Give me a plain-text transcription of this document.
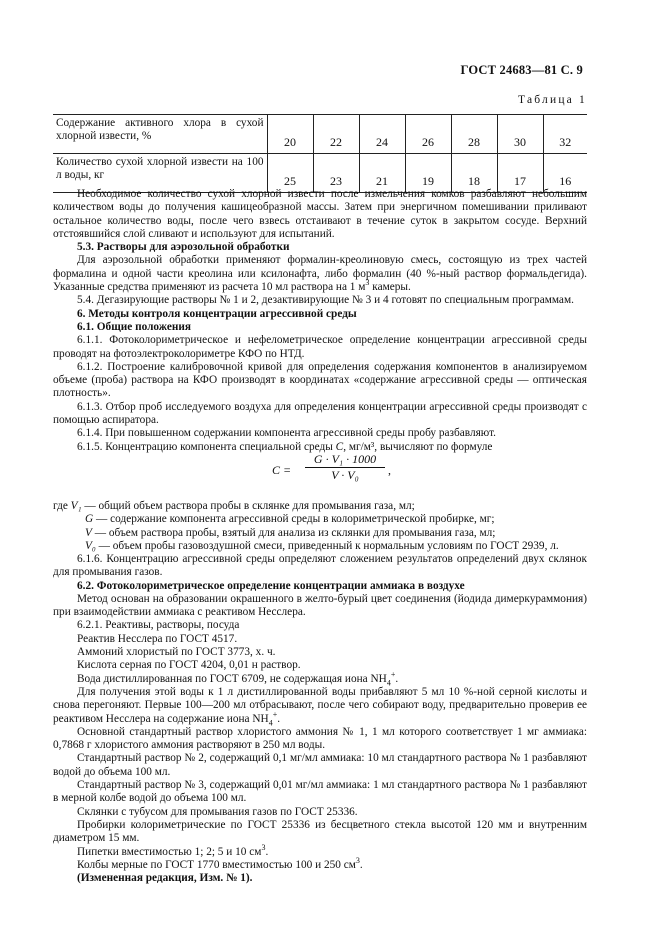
ГОСТ 24683—81 С. 9
Таблица 1
Содержание активного хлора в сухой хлорной извести, %	20	22	24	26	28	30	32
Количество сухой хлорной извести на 100 л воды, кг	25	23	21	19	18	17	16

Необходимое количество сухой хлорной извести после измельчения комков разбавляют небольшим количеством воды до получения кашицеобразной массы. Затем при энергичном помешивании приливают остальное количество воды, после чего взвесь отстаивают в течение суток в закрытом сосуде. Верхний отстоявшийся слой сливают и используют для испытаний.

5.3. Растворы для аэрозольной обработки

Для аэрозольной обработки применяют формалин-креолиновую смесь, состоящую из трех частей формалина и одной части креолина или ксилонафта, либо формалин (40 %-ный раствор формальдегида). Указанные средства применяют из расчета 10 мл раствора на 1 $м^3$ камеры.

5.4. Дегазирующие растворы № 1 и 2, дезактивирующие № 3 и 4 готовят по специальным программам.

6. Методы контроля концентрации агрессивной среды

6.1. Общие положения

6.1.1. Фотоколориметрическое и нефелометрическое определение концентрации агрессивной среды проводят на фотоэлектроколориметре КФО по НТД.

6.1.2. Построение калибровочной кривой для определения содержания компонентов в анализируемом объеме (проба) раствора на КФО производят в координатах «содержание агрессивной среды — оптическая плотность».

6.1.3. Отбор проб исследуемого воздуха для определения концентрации агрессивной среды производят с помощью аспиратора.

6.1.4. При повышенном содержании компонента агрессивной среды пробу разбавляют.

6.1.5. Концентрацию компонента специальной среды C, мг/м³, вычисляют по формуле

$C = \frac{\text{G · V₁ · 1000}}{\text{V · V₀}}$ ,

где V₁ — общий объем раствора пробы в склянке для промывания газа, мл;

G — содержание компонента агрессивной среды в колориметрической пробирке, мг;

V — объем раствора пробы, взятый для анализа из склянки для промывания газа, мл;

V₀ — объем пробы газовоздушной смеси, приведенный к нормальным условиям по ГОСТ 2939, л.

6.1.6. Концентрацию агрессивной среды определяют сложением результатов определений двух склянок для промывания газов.

6.2. Фотоколориметрическое определение концентрации аммиака в воздухе

Метод основан на образовании окрашенного в желто-бурый цвет соединения (йодида димеркураммония) при взаимодействии аммиака с реактивом Несслера.

6.2.1. Реактивы, растворы, посуда

Реактив Несслера по ГОСТ 4517.

Аммоний хлористый по ГОСТ 3773, х. ч.

Кислота серная по ГОСТ 4204, 0,01 н раствор.

Вода дистиллированная по ГОСТ 6709, не содержащая иона $NH_4^+$.

Для получения этой воды к 1 л дистиллированной воды прибавляют 5 мл 10 %-ной серной кислоты и снова перегоняют. Первые 100—200 мл отбрасывают, после чего собирают воду, предварительно проверив ее реактивом Несслера на содержание иона $NH_4^+$.

Основной стандартный раствор хлористого аммония № 1, 1 мл которого соответствует 1 мг аммиака: 0,7868 г хлористого аммония растворяют в 250 мл воды.

Стандартный раствор № 2, содержащий 0,1 мг/мл аммиака: 10 мл стандартного раствора № 1 разбавляют водой до объема 100 мл.

Стандартный раствор № 3, содержащий 0,01 мг/мл аммиака: 1 мл стандартного раствора № 1 разбавляют в мерной колбе водой до объема 100 мл.

Склянки с тубусом для промывания газов по ГОСТ 25336.

Пробирки колориметрические по ГОСТ 25336 из бесцветного стекла высотой 120 мм и внутренним диаметром 15 мм.

Пипетки вместимостью 1; 2; 5 и 10 $см^3$.

Колбы мерные по ГОСТ 1770 вместимостью 100 и 250 $см^3$.

(Измененная редакция, Изм. № 1).
